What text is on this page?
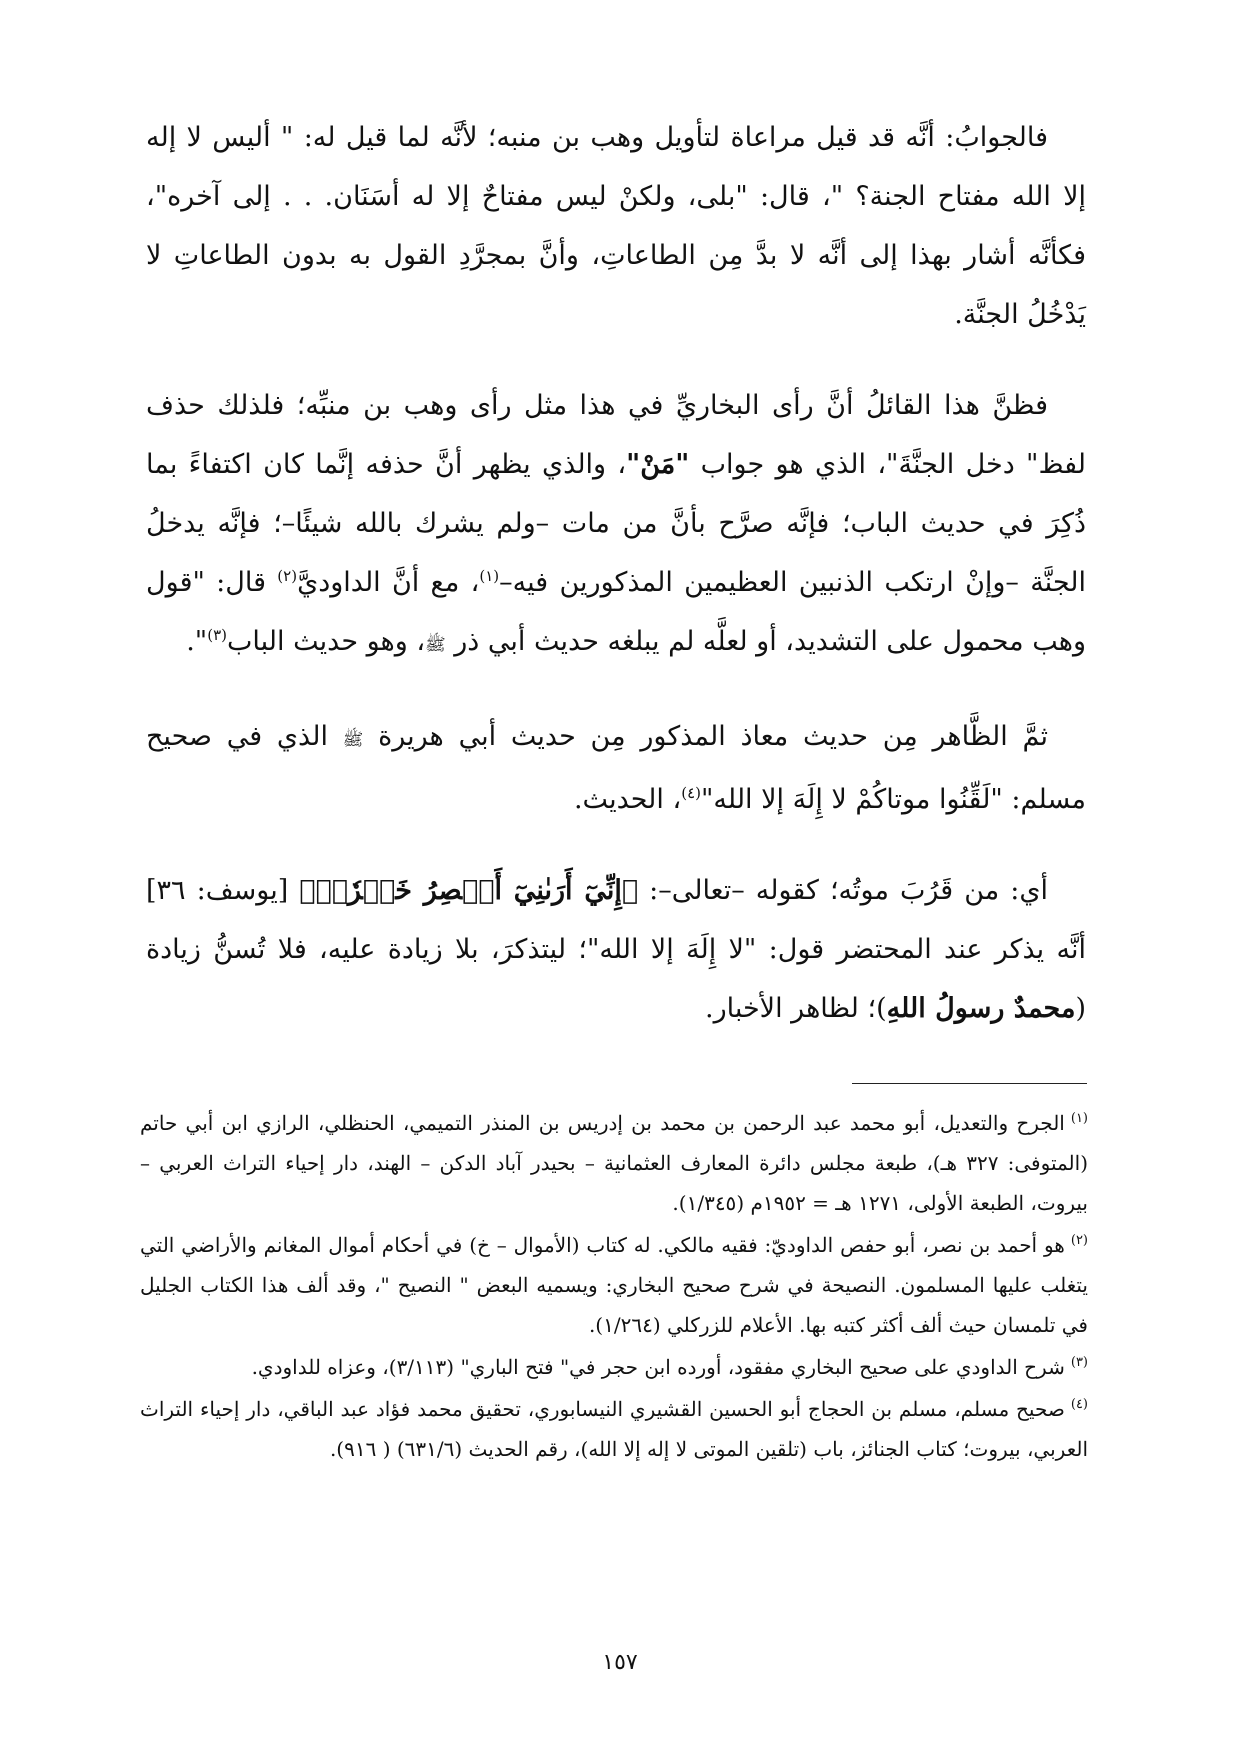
فالجوابُ: أنَّه قد قيل مراعاة لتأويل وهب بن منبه؛ لأنَّه لما قيل له: " أليس لا إله إلا الله مفتاح الجنة؟ "، قال: "بلى، ولكنْ ليس مفتاحٌ إلا له أسَنَان. . . إلى آخره"، فكأنَّه أشار بهذا إلى أنَّه لا بدَّ مِن الطاعاتِ، وأنَّ بمجرَّدِ القول به بدون الطاعاتِ لا يَدْخُلُ الجنَّة.

فظنَّ هذا القائلُ أنَّ رأى البخاريِّ في هذا مثل رأى وهب بن منبِّه؛ فلذلك حذف لفظ" دخل الجنَّةَ"، الذي هو جواب "مَنْ"، والذي يظهر أنَّ حذفه إنَّما كان اكتفاءً بما ذُكِرَ في حديث الباب؛ فإنَّه صرَّح بأنَّ من مات –ولم يشرك بالله شيئًا–؛ فإنَّه يدخلُ الجنَّة –وإنْ ارتكب الذنبين العظيمين المذكورين فيه–$^{(١)}$، مع أنَّ الداوديَّ$^{(٢)}$ قال: "قول وهب محمول على التشديد، أو لعلَّه لم يبلغه حديث أبي ذر ﷺ، وهو حديث الباب$^{(٣)}$".

ثمَّ الظَّاهر مِن حديث معاذ المذكور مِن حديث أبي هريرة ﷺ الذي في صحيح مسلم: "لَقِّنُوا موتاكُمْ لا إِلَهَ إلا الله"$^{(٤)}$، الحديث.

أي: من قَرُبَ موتُه؛ كقوله –تعالى–: ﴿إِنِّيٓ أَرَىٰنِيٓ أَعۡصِرُ خَمۡرٗاۖ﴾ [يوسف: ٣٦] أنَّه يذكر عند المحتضر قول: "لا إِلَهَ إلا الله"؛ ليتذكرَ، بلا زيادة عليه، فلا تُسنُّ زيادة (محمدٌ رسولُ اللهِ)؛ لظاهر الأخبار.

$^{(١)}$الجرح والتعديل، أبو محمد عبد الرحمن بن محمد بن إدريس بن المنذر التميمي، الحنظلي، الرازي ابن أبي حاتم (المتوفى: ٣٢٧ هـ)، طبعة مجلس دائرة المعارف العثمانية – بحيدر آباد الدكن – الهند، دار إحياء التراث العربي – بيروت، الطبعة الأولى، ١٢٧١ هـ = ١٩٥٢م (١/٣٤٥).
$^{(٢)}$هو أحمد بن نصر، أبو حفص الداوديّ: فقيه مالكي. له كتاب (الأموال – خ) في أحكام أموال المغانم والأراضي التي يتغلب عليها المسلمون. النصيحة في شرح صحيح البخاري: ويسميه البعض " النصيح "، وقد ألف هذا الكتاب الجليل في تلمسان حيث ألف أكثر كتبه بها. الأعلام للزركلي (١/٢٦٤).
$^{(٣)}$شرح الداودي على صحيح البخاري مفقود، أورده ابن حجر في" فتح الباري" (٣/١١٣)، وعزاه للداودي.
$^{(٤)}$صحيح مسلم، مسلم بن الحجاج أبو الحسين القشيري النيسابوري، تحقيق محمد فؤاد عبد الباقي، دار إحياء التراث العربي، بيروت؛ كتاب الجنائز، باب (تلقين الموتى لا إله إلا الله)، رقم الحديث (٦٣١/٦) ( ٩١٦).
١٥٧
